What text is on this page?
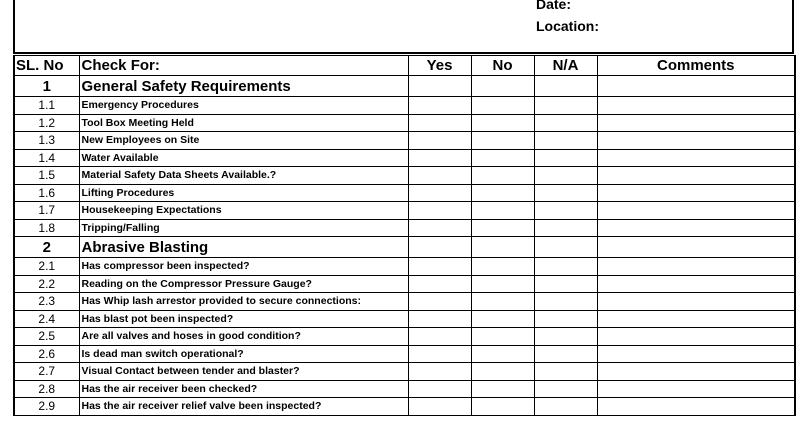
Date:
Location:
SL. No	Check For:	Yes	No	N/A	Comments
1	General Safety Requirements				
1.1	Emergency Procedures				
1.2	Tool Box Meeting Held				
1.3	New Employees on Site				
1.4	Water Available				
1.5	Material Safety Data Sheets Available.?				
1.6	Lifting Procedures				
1.7	Housekeeping Expectations				
1.8	Tripping/Falling				
2	Abrasive Blasting				
2.1	Has compressor been inspected?				
2.2	Reading on the Compressor Pressure Gauge?				
2.3	Has Whip lash arrestor provided to secure connections:				
2.4	Has blast pot been inspected?				
2.5	Are all valves and hoses in good condition?				
2.6	Is dead man switch operational?				
2.7	Visual Contact between tender and blaster?				
2.8	Has the air receiver been checked?				
2.9	Has the air receiver relief valve been inspected?				
